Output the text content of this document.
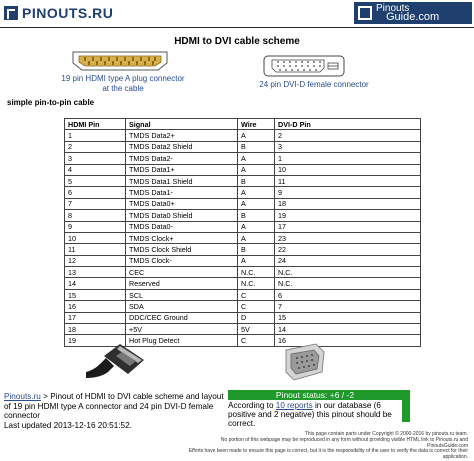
PINOUTS.RU	Pinouts
Guide.com
HDMI to DVI cable scheme
19 pin HDMI type A plug connector
at the cable	24 pin DVI-D female connector
simple pin-to-pin cable
HDMI Pin	Signal	Wire	DVI-D Pin
1	TMDS Data2+	A	2
2	TMDS Data2 Shield	B	3
3	TMDS Data2-	A	1
4	TMDS Data1+	A	10
5	TMDS Data1 Shield	B	11
6	TMDS Data1-	A	9
7	TMDS Data0+	A	18
8	TMDS Data0 Shield	B	19
9	TMDS Data0-	A	17
10	TMDS Clock+	A	23
11	TMDS Clock Shield	B	22
12	TMDS Clock-	A	24
13	CEC	N.C.	N.C.
14	Reserved	N.C.	N.C.
15	SCL	C	6
16	SDA	C	7
17	DDC/CEC Ground	D	15
18	+5V	5V	14
19	Hot Plug Detect	C	16
Pinouts.ru > Pinout of HDMI to DVI cable scheme and layout of 19 pin HDMI type A connector and 24 pin DVI-D female connector
Last updated 2013-12-16 20:51:52.
Pinout status: +6 / -2
According to 10 reports in our database (6 positive and 2 negative) this pinout should be correct.
This page contain parts under Copyright © 2000-2016 by pinouts.ru team.
No portion of this webpage may be reproduced in any form without providing visible HTML link to Pinouts.ru and PinoutsGuide.com
Efforts have been made to ensure this page is correct, but it is the responsibility of the user to verify the data is correct for their application.
